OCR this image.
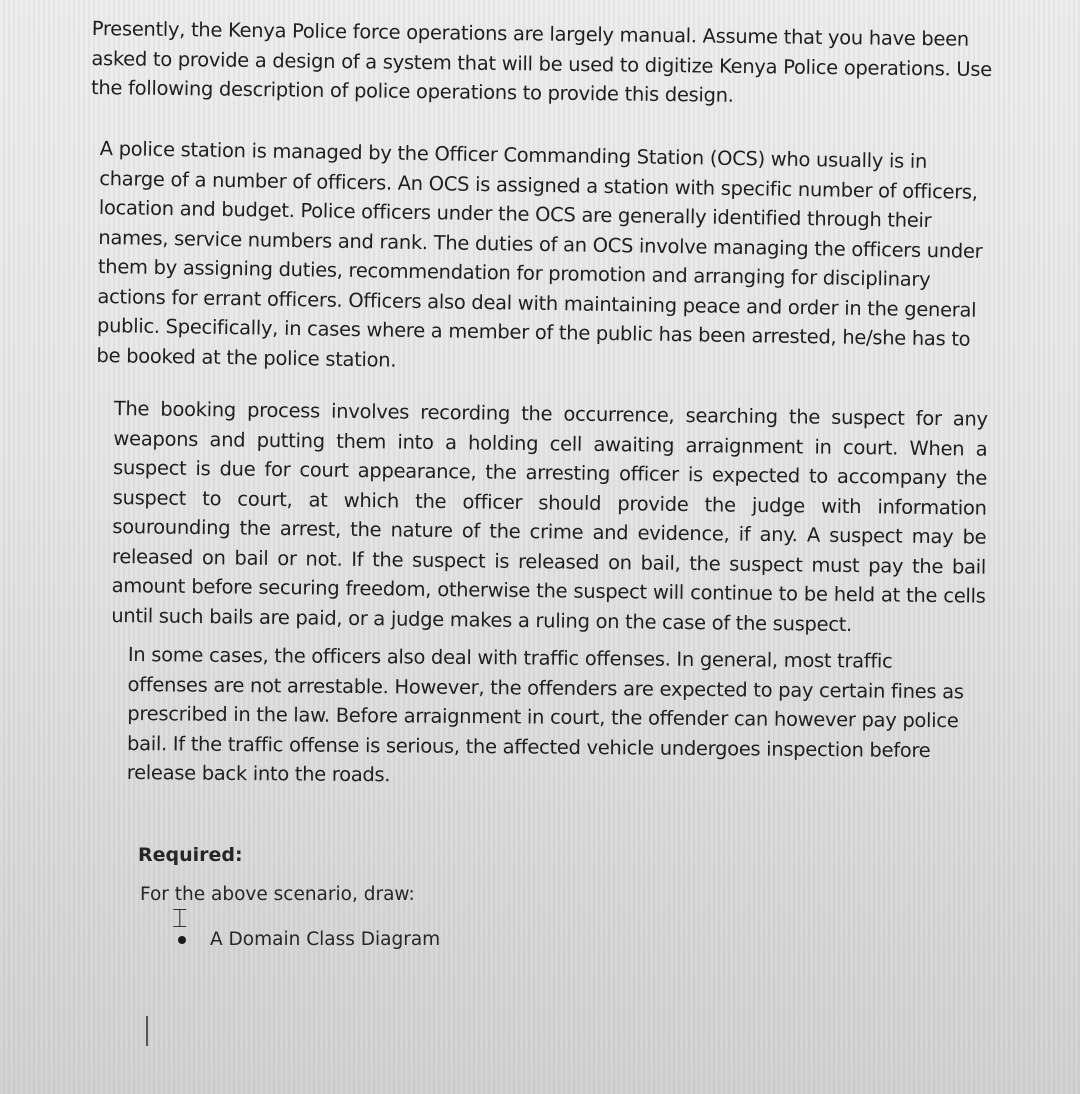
Presently, the Kenya Police force operations are largely manual. Assume that you have been asked to provide a design of a system that will be used to digitize Kenya Police operations. Use the following description of police operations to provide this design.

A police station is managed by the Officer Commanding Station (OCS) who usually is in charge of a number of officers. An OCS is assigned a station with specific number of officers, location and budget. Police officers under the OCS are generally identified through their names, service numbers and rank. The duties of an OCS involve managing the officers under them by assigning duties, recommendation for promotion and arranging for disciplinary actions for errant officers. Officers also deal with maintaining peace and order in the general public. Specifically, in cases where a member of the public has been arrested, he/she has to be booked at the police station.

The booking process involves recording the occurrence, searching the suspect for any weapons and putting them into a holding cell awaiting arraignment in court. When a suspect is due for court appearance, the arresting officer is expected to accompany the suspect to court, at which the officer should provide the judge with information sourounding the arrest, the nature of the crime and evidence, if any. A suspect may be released on bail or not. If the suspect is released on bail, the suspect must pay the bail amount before securing freedom, otherwise the suspect will continue to be held at the cells until such bails are paid, or a judge makes a ruling on the case of the suspect.

In some cases, the officers also deal with traffic offenses. In general, most traffic offenses are not arrestable. However, the offenders are expected to pay certain fines as prescribed in the law. Before arraignment in court, the offender can however pay police bail. If the traffic offense is serious, the affected vehicle undergoes inspection before release back into the roads.

Required:

For the above scenario, draw:

A Domain Class Diagram
⌶
